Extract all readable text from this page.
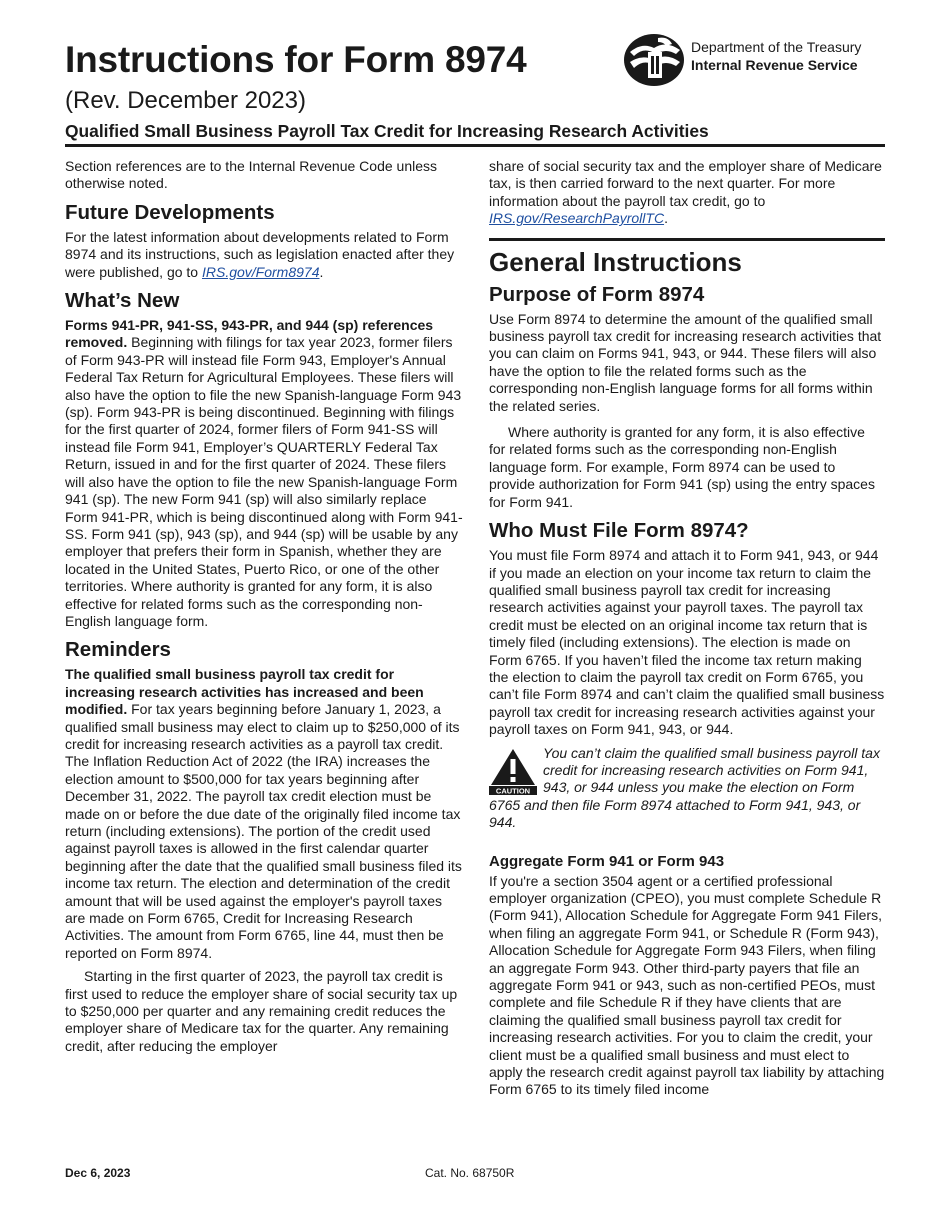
Instructions for Form 8974
(Rev. December 2023)
Qualified Small Business Payroll Tax Credit for Increasing Research Activities
Department of the Treasury
Internal Revenue Service

Section references are to the Internal Revenue Code unless otherwise noted.

Future Developments

For the latest information about developments related to Form 8974 and its instructions, such as legislation enacted after they were published, go to IRS.gov/Form8974.

What’s New

Forms 941-PR, 941-SS, 943-PR, and 944 (sp) references removed. Beginning with filings for tax year 2023, former filers of Form 943-PR will instead file Form 943, Employer's Annual Federal Tax Return for Agricultural Employees. These filers will also have the option to file the new Spanish-language Form 943 (sp). Form 943-PR is being discontinued. Beginning with filings for the first quarter of 2024, former filers of Form 941-SS will instead file Form 941, Employer’s QUARTERLY Federal Tax Return, issued in and for the first quarter of 2024. These filers will also have the option to file the new Spanish-language Form 941 (sp). The new Form 941 (sp) will also similarly replace Form 941-PR, which is being discontinued along with Form 941-SS. Form 941 (sp), 943 (sp), and 944 (sp) will be usable by any employer that prefers their form in Spanish, whether they are located in the United States, Puerto Rico, or one of the other territories. Where authority is granted for any form, it is also effective for related forms such as the corresponding non-English language form.

Reminders

The qualified small business payroll tax credit for increasing research activities has increased and been modified. For tax years beginning before January 1, 2023, a qualified small business may elect to claim up to $250,000 of its credit for increasing research activities as a payroll tax credit. The Inflation Reduction Act of 2022 (the IRA) increases the election amount to $500,000 for tax years beginning after December 31, 2022. The payroll tax credit election must be made on or before the due date of the originally filed income tax return (including extensions). The portion of the credit used against payroll taxes is allowed in the first calendar quarter beginning after the date that the qualified small business filed its income tax return. The election and determination of the credit amount that will be used against the employer's payroll taxes are made on Form 6765, Credit for Increasing Research Activities. The amount from Form 6765, line 44, must then be reported on Form 8974.

Starting in the first quarter of 2023, the payroll tax credit is first used to reduce the employer share of social security tax up to $250,000 per quarter and any remaining credit reduces the employer share of Medicare tax for the quarter. Any remaining credit, after reducing the employer

share of social security tax and the employer share of Medicare tax, is then carried forward to the next quarter. For more information about the payroll tax credit, go to IRS.gov/ResearchPayrollTC.

General Instructions
Purpose of Form 8974

Use Form 8974 to determine the amount of the qualified small business payroll tax credit for increasing research activities that you can claim on Forms 941, 943, or 944. These filers will also have the option to file the related forms such as the corresponding non-English language forms for all forms within the related series.

Where authority is granted for any form, it is also effective for related forms such as the corresponding non-English language form. For example, Form 8974 can be used to provide authorization for Form 941 (sp) using the entry spaces for Form 941.

Who Must File Form 8974?

You must file Form 8974 and attach it to Form 941, 943, or 944 if you made an election on your income tax return to claim the qualified small business payroll tax credit for increasing research activities against your payroll taxes. The payroll tax credit must be elected on an original income tax return that is timely filed (including extensions). The election is made on Form 6765. If you haven’t filed the income tax return making the election to claim the payroll tax credit on Form 6765, you can’t file Form 8974 and can’t claim the qualified small business payroll tax credit for increasing research activities against your payroll taxes on Form 941, 943, or 944.

CAUTION

You can’t claim the qualified small business payroll tax credit for increasing research activities on Form 941, 943, or 944 unless you make the election on Form 6765 and then file Form 8974 attached to Form 941, 943, or 944.

Aggregate Form 941 or Form 943

If you're a section 3504 agent or a certified professional employer organization (CPEO), you must complete Schedule R (Form 941), Allocation Schedule for Aggregate Form 941 Filers, when filing an aggregate Form 941, or Schedule R (Form 943), Allocation Schedule for Aggregate Form 943 Filers, when filing an aggregate Form 943. Other third-party payers that file an aggregate Form 941 or 943, such as non-certified PEOs, must complete and file Schedule R if they have clients that are claiming the qualified small business payroll tax credit for increasing research activities. For you to claim the credit, your client must be a qualified small business and must elect to apply the research credit against payroll tax liability by attaching Form 6765 to its timely filed income

Dec 6, 2023	Cat. No. 68750R
